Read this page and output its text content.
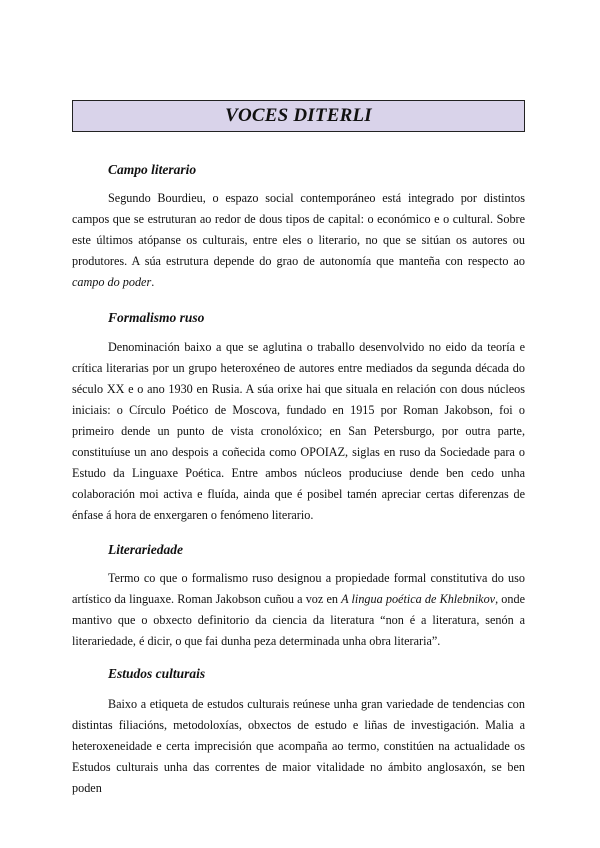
VOCES DITERLI
Campo literario

Segundo Bourdieu, o espazo social contemporáneo está integrado por distintos campos que se estruturan ao redor de dous tipos de capital: o económico e o cultural. Sobre este últimos atópanse os culturais, entre eles o literario, no que se sitúan os autores ou produtores. A súa estrutura depende do grao de autonomía que manteña con respecto ao campo do poder.

Formalismo ruso

Denominación baixo a que se aglutina o traballo desenvolvido no eido da teoría e crítica literarias por un grupo heteroxéneo de autores entre mediados da segunda década do século XX e o ano 1930 en Rusia. A súa orixe hai que situala en relación con dous núcleos iniciais: o Círculo Poético de Moscova, fundado en 1915 por Roman Jakobson, foi o primeiro dende un punto de vista cronolóxico; en San Petersburgo, por outra parte, constituíuse un ano despois a coñecida como OPOIAZ, siglas en ruso da Sociedade para o Estudo da Linguaxe Poética. Entre ambos núcleos produciuse dende ben cedo unha colaboración moi activa e fluída, ainda que é posibel tamén apreciar certas diferenzas de énfase á hora de enxergaren o fenómeno literario.

Literariedade

Termo co que o formalismo ruso designou a propiedade formal constitutiva do uso artístico da linguaxe. Roman Jakobson cuñou a voz en A lingua poética de Khlebnikov, onde mantivo que o obxecto definitorio da ciencia da literatura “non é a literatura, senón a literariedade, é dicir, o que fai dunha peza determinada unha obra literaria”.

Estudos culturais

Baixo a etiqueta de estudos culturais reúnese unha gran variedade de tendencias con distintas filiacións, metodoloxías, obxectos de estudo e liñas de investigación. Malia a heteroxeneidade e certa imprecisión que acompaña ao termo, constitúen na actualidade os Estudos culturais unha das correntes de maior vitalidade no ámbito anglosaxón, se ben poden
